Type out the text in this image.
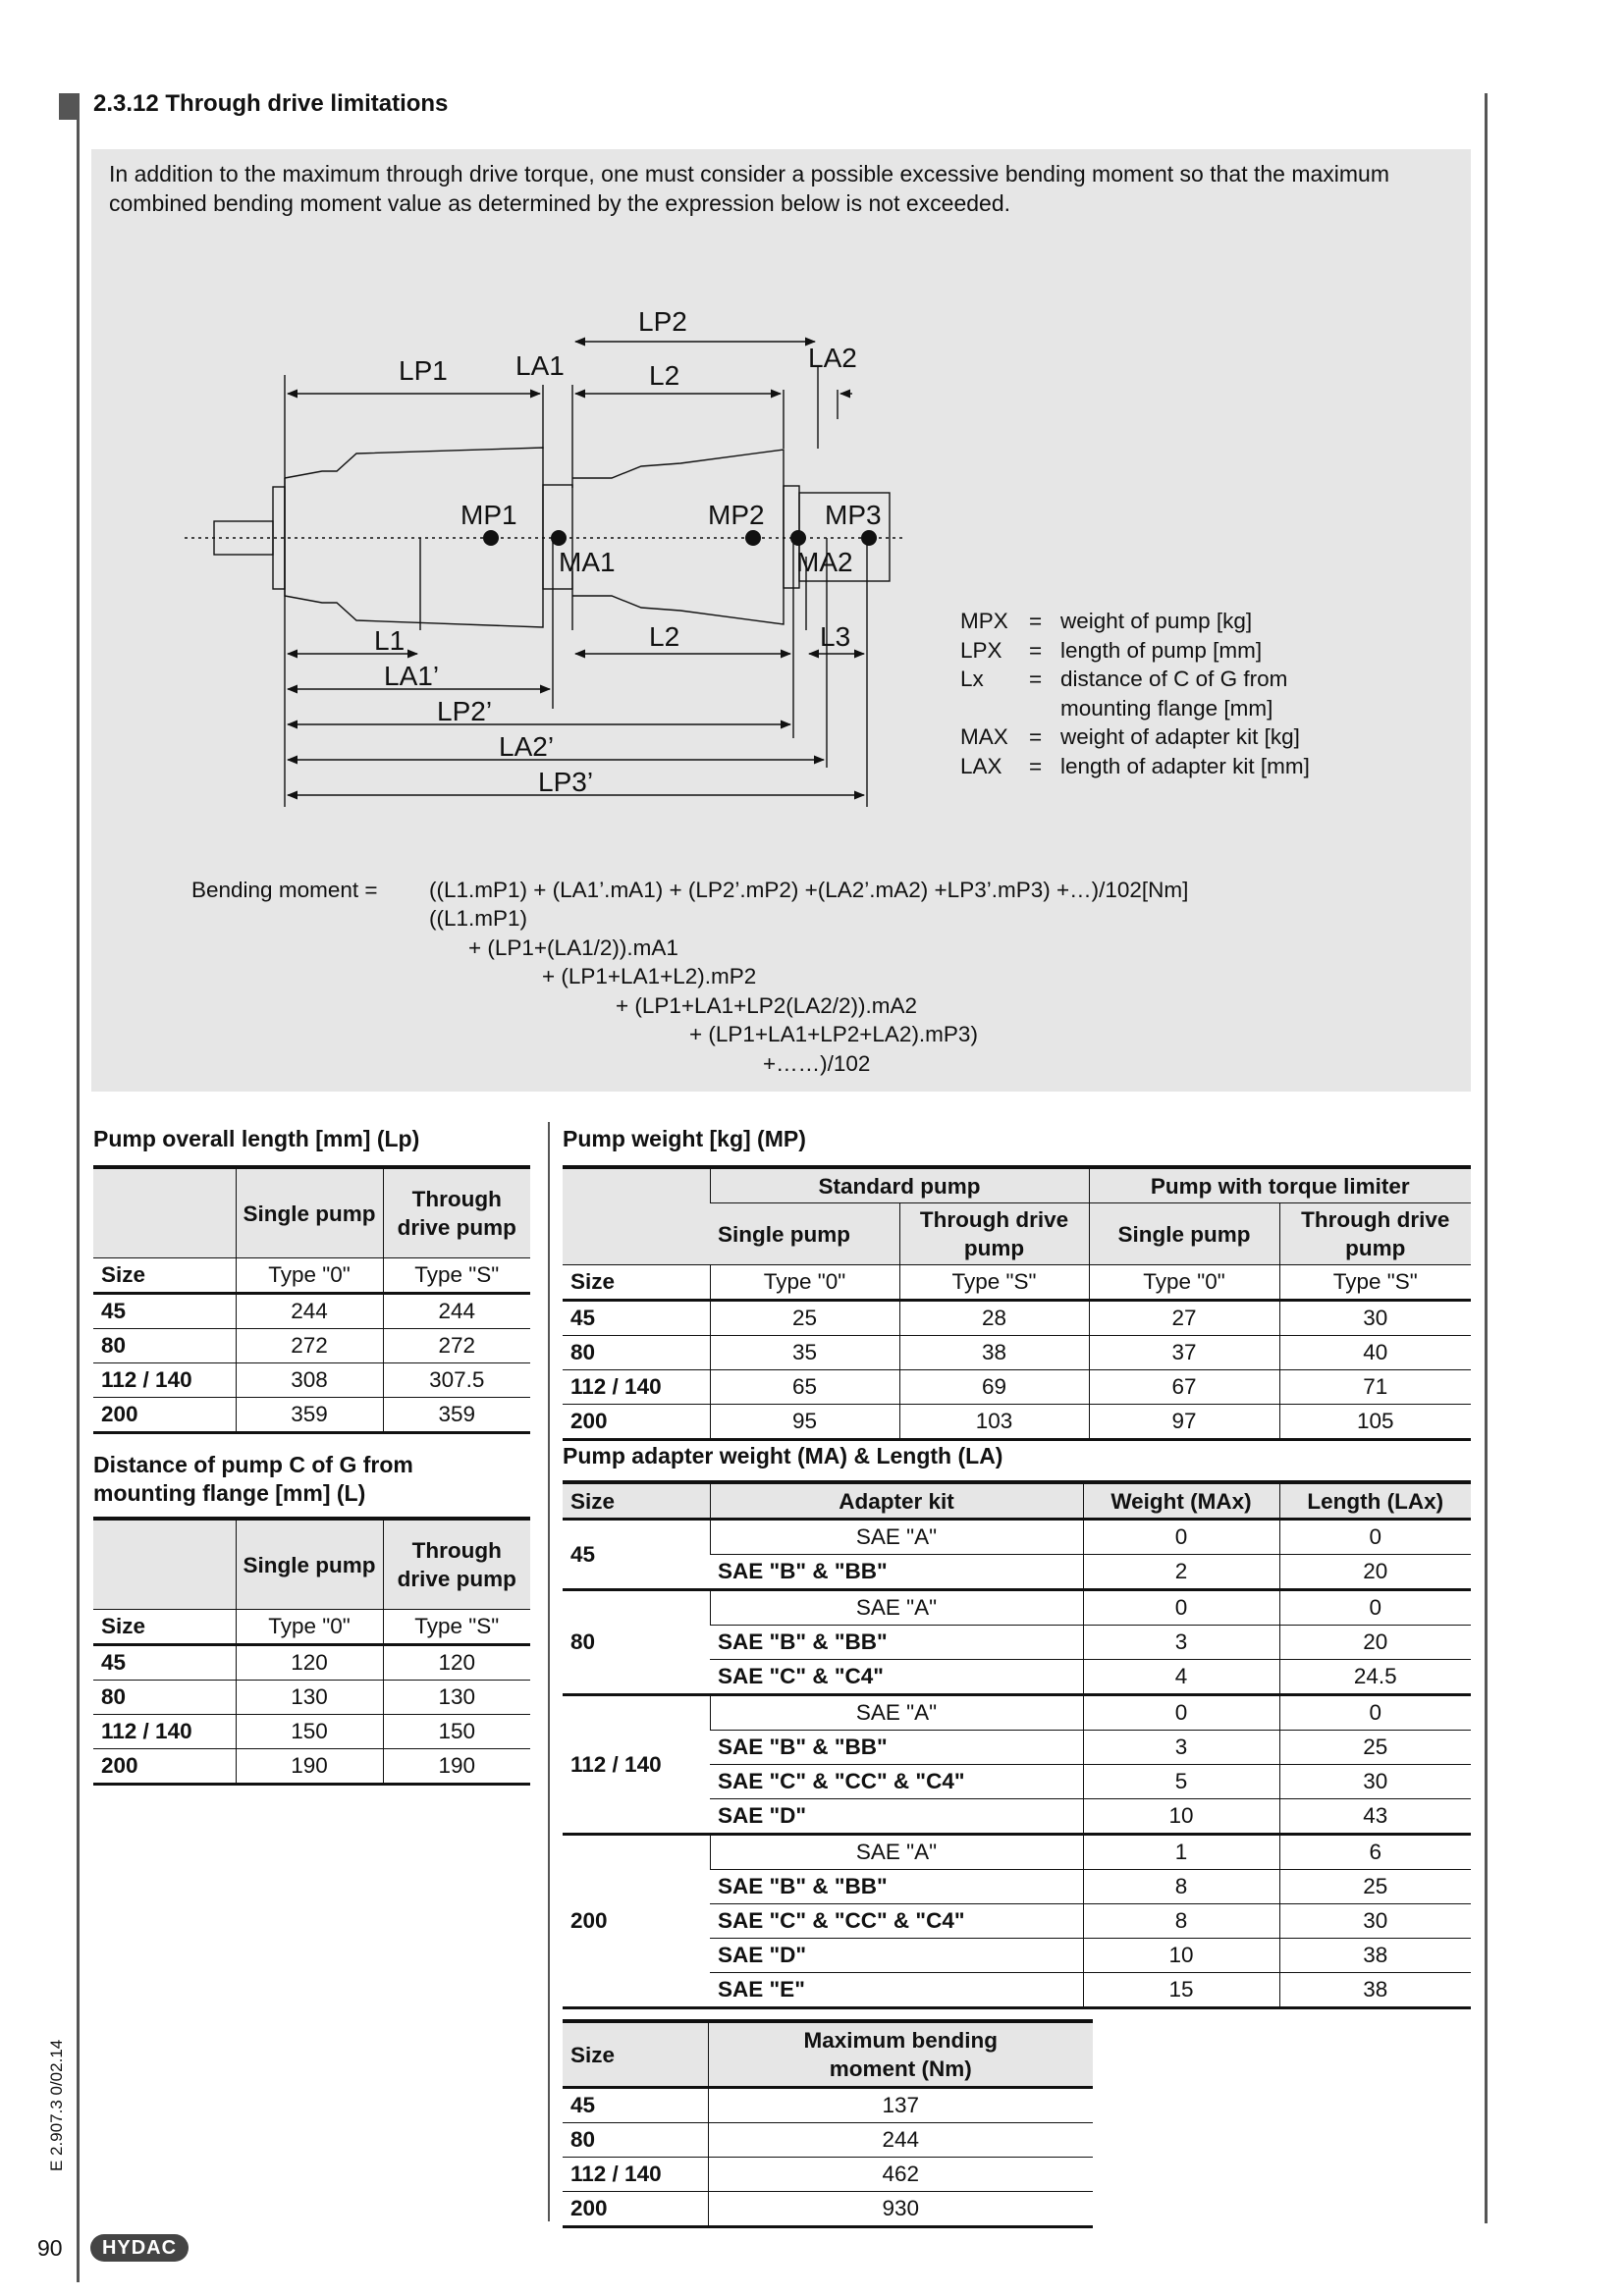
2.3.12 Through drive limitations
In addition to the maximum through drive torque, one must consider a possible excessive bending moment so that the maximum combined bending moment value as determined by the expression below is not exceeded.
LP1 LA1
LP2
L2
LA2
MP1	MP2 MP3
MA1	MA2
L1	L2	L3
LA1’
LP2’
LA2’
LP3’
MPX = weight of pump [kg]
LPX	= length of pump [mm]
Lx	= distance of C of G from
mounting flange [mm]
MAX = weight of adapter kit [kg]
LAX	= length of adapter kit [mm]
Bending moment = ((L1.mP1) + (LA1’.mA1) + (LP2’.mP2) +(LA2’.mA2) +LP3’.mP3) +…)/102[Nm]
((L1.mP1)
+ (LP1+(LA1/2)).mA1
+ (LP1+LA1+L2).mP2
+ (LP1+LA1+LP2(LA2/2)).mA2
+ (LP1+LA1+LP2+LA2).mP3)
+……)/102
Pump overall length [mm] (Lp)
	Single pump	Through drive pump
Size	Type "0"	Type "S"
45	244	244
80	272	272
112 / 140	308	307.5
200	359	359
Distance of pump C of G from mounting flange [mm] (L)
	Single pump	Through drive pump
Size	Type "0"	Type "S"
45	120	120
80	130	130
112 / 140	150	150
200	190	190
Pump weight [kg] (MP)
	Standard pump		Pump with torque limiter	
	Single pump	Through drive pump	Single pump	Through drive pump
Size	Type "0"	Type "S"	Type "0"	Type "S"
45	25	28	27	30
80	35	38	37	40
112 / 140	65	69	67	71
200	95	103	97	105
Pump adapter weight (MA) & Length (LA)
Size	Adapter kit	Weight (MAx)	Length (LAx)
45	SAE "A"	0	0
	SAE "B" & "BB"	2	20
80	SAE "A"	0	0
	SAE "B" & "BB"	3	20
	SAE "C" & "C4"	4	24.5
112 / 140	SAE "A"	0	0
	SAE "B" & "BB"	3	25
	SAE "C" & "CC" & "C4"	5	30
	SAE "D"	10	43
200	SAE "A"	1	6
	SAE "B" & "BB"	8	25
	SAE "C" & "CC" & "C4"	8	30
	SAE "D"	10	38
	SAE "E"	15	38
Size	Maximum bending moment (Nm)
45	137
80	244
112 / 140	462
200	930
E 2.907.3 0/02.14
90	HYDAC
